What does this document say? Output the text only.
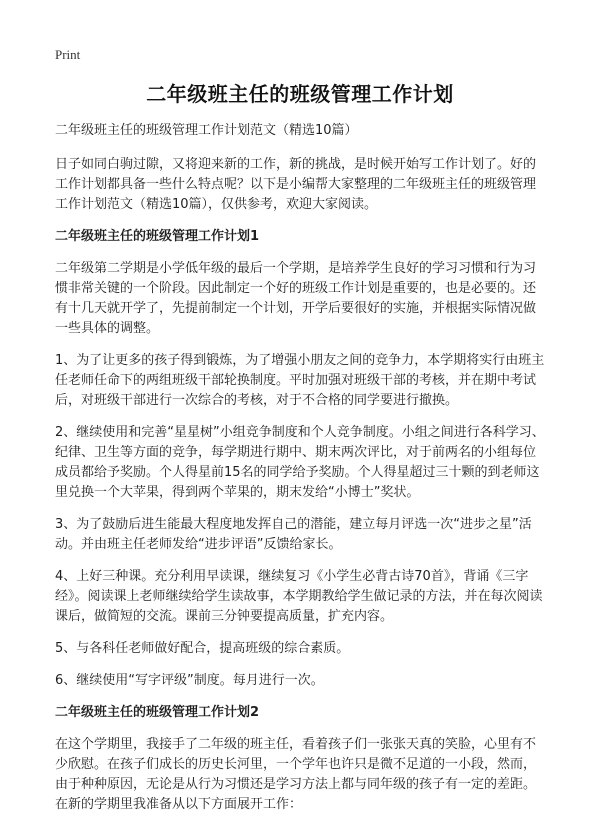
Print
二年级班主任的班级管理工作计划

二年级班主任的班级管理工作计划范文（精选10篇）

日子如同白驹过隙，又将迎来新的工作，新的挑战，是时候开始写工作计划了。好的工作计划都具备一些什么特点呢？以下是小编帮大家整理的二年级班主任的班级管理工作计划范文（精选10篇），仅供参考，欢迎大家阅读。

二年级班主任的班级管理工作计划1

二年级第二学期是小学低年级的最后一个学期，是培养学生良好的学习习惯和行为习惯非常关键的一个阶段。因此制定一个好的班级工作计划是重要的，也是必要的。还有十几天就开学了，先提前制定一个计划，开学后要很好的实施，并根据实际情况做一些具体的调整。

1、为了让更多的孩子得到锻炼，为了增强小朋友之间的竞争力，本学期将实行由班主任老师任命下的两组班级干部轮换制度。平时加强对班级干部的考核，并在期中考试后，对班级干部进行一次综合的考核，对于不合格的同学要进行撤换。

2、继续使用和完善“星星树”小组竞争制度和个人竞争制度。小组之间进行各科学习、纪律、卫生等方面的竞争，每学期进行期中、期末两次评比，对于前两名的小组每位成员都给予奖励。个人得星前15名的同学给予奖励。个人得星超过三十颗的到老师这里兑换一个大苹果，得到两个苹果的，期末发给“小博士”奖状。

3、为了鼓励后进生能最大程度地发挥自己的潜能，建立每月评选一次“进步之星”活动。并由班主任老师发给“进步评语”反馈给家长。

4、上好三种课。充分利用早读课，继续复习《小学生必背古诗70首》，背诵《三字经》。阅读课上老师继续给学生读故事，本学期教给学生做记录的方法，并在每次阅读课后，做简短的交流。课前三分钟要提高质量，扩充内容。

5、与各科任老师做好配合，提高班级的综合素质。

6、继续使用“写字评级”制度。每月进行一次。

二年级班主任的班级管理工作计划2

在这个学期里，我接手了二年级的班主任，看着孩子们一张张天真的笑脸，心里有不少欣慰。在孩子们成长的历史长河里，一个学年也许只是微不足道的一小段，然而，由于种种原因，无论是从行为习惯还是学习方法上都与同年级的孩子有一定的差距。在新的学期里我准备从以下方面展开工作：
